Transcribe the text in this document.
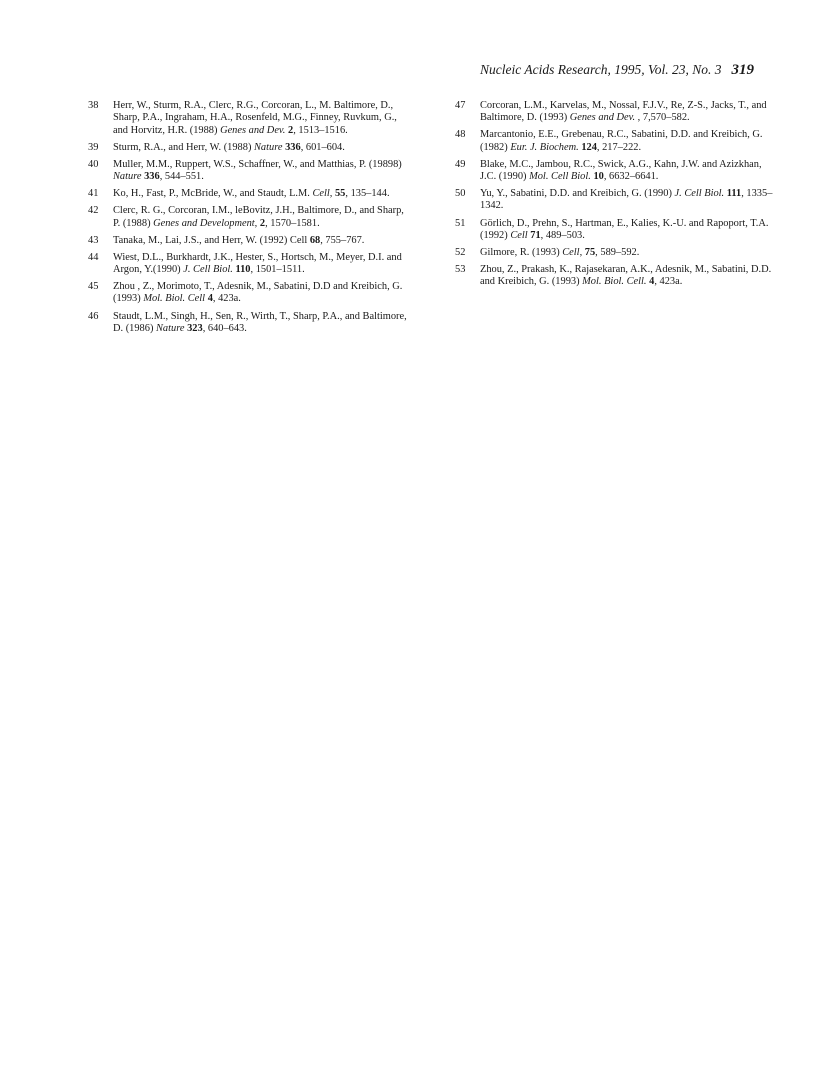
Nucleic Acids Research, 1995, Vol. 23, No. 3 319
38 Herr, W., Sturm, R.A., Clerc, R.G., Corcoran, L., M. Baltimore, D., Sharp, P.A., Ingraham, H.A., Rosenfeld, M.G., Finney, Ruvkum, G., and Horvitz, H.R. (1988) Genes and Dev. 2, 1513–1516.
39 Sturm, R.A., and Herr, W. (1988) Nature 336, 601–604.
40 Muller, M.M., Ruppert, W.S., Schaffner, W., and Matthias, P. (19898) Nature 336, 544–551.
41 Ko, H., Fast, P., McBride, W., and Staudt, L.M. Cell, 55, 135–144.
42 Clerc, R. G., Corcoran, I.M., leBovitz, J.H., Baltimore, D., and Sharp, P. (1988) Genes and Development, 2, 1570–1581.
43 Tanaka, M., Lai, J.S., and Herr, W. (1992) Cell 68, 755–767.
44 Wiest, D.L., Burkhardt, J.K., Hester, S., Hortsch, M., Meyer, D.I. and Argon, Y.(1990) J. Cell Biol. 110, 1501–1511.
45 Zhou , Z., Morimoto, T., Adesnik, M., Sabatini, D.D and Kreibich, G. (1993) Mol. Biol. Cell 4, 423a.
46 Staudt, L.M., Singh, H., Sen, R., Wirth, T., Sharp, P.A., and Baltimore, D. (1986) Nature 323, 640–643.
47 Corcoran, L.M., Karvelas, M., Nossal, F.J.V., Re, Z-S., Jacks, T., and Baltimore, D. (1993) Genes and Dev. , 7,570–582.
48 Marcantonio, E.E., Grebenau, R.C., Sabatini, D.D. and Kreibich, G. (1982) Eur. J. Biochem. 124, 217–222.
49 Blake, M.C., Jambou, R.C., Swick, A.G., Kahn, J.W. and Azizkhan, J.C. (1990) Mol. Cell Biol. 10, 6632–6641.
50 Yu, Y., Sabatini, D.D. and Kreibich, G. (1990) J. Cell Biol. 111, 1335–1342.
51 Görlich, D., Prehn, S., Hartman, E., Kalies, K.-U. and Rapoport, T.A. (1992) Cell 71, 489–503.
52 Gilmore, R. (1993) Cell, 75, 589–592.
53 Zhou, Z., Prakash, K., Rajasekaran, A.K., Adesnik, M., Sabatini, D.D. and Kreibich, G. (1993) Mol. Biol. Cell. 4, 423a.
